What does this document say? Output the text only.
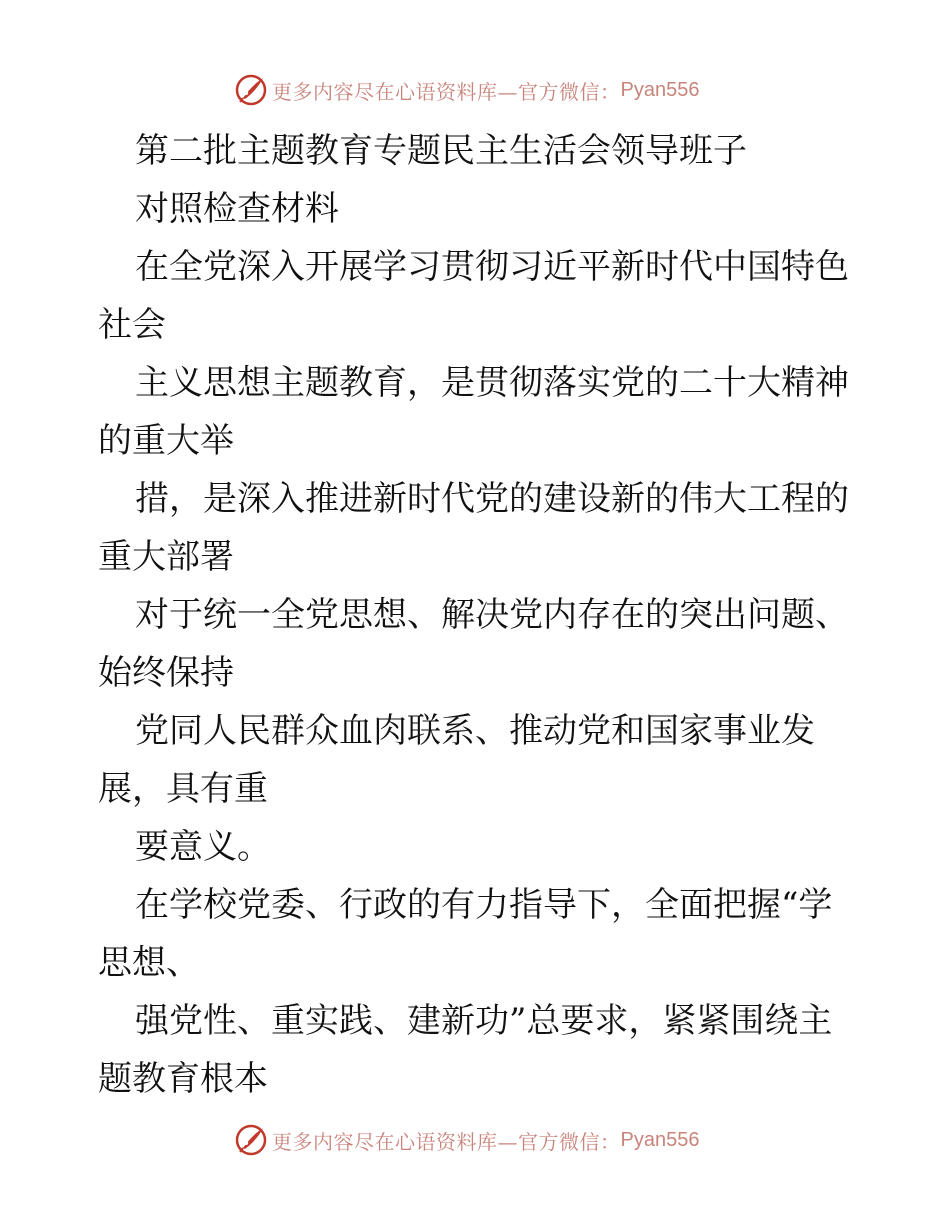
更多内容尽在心语资料库—官方微信： Pyan556
第二批主题教育专题民主生活会领导班子
对照检查材料
在全党深入开展学习贯彻习近平新时代中国特色
社会
主义思想主题教育，是贯彻落实党的二十大精神
的重大举
措，是深入推进新时代党的建设新的伟大工程的
重大部署
对于统一全党思想、解决党内存在的突出问题、
始终保持
党同人民群众血肉联系、推动党和国家事业发
展，具有重
要意义。
在学校党委、行政的有力指导下，全面把握“学
思想、
强党性、重实践、建新功”总要求，紧紧围绕主
题教育根本
更多内容尽在心语资料库—官方微信： Pyan556
